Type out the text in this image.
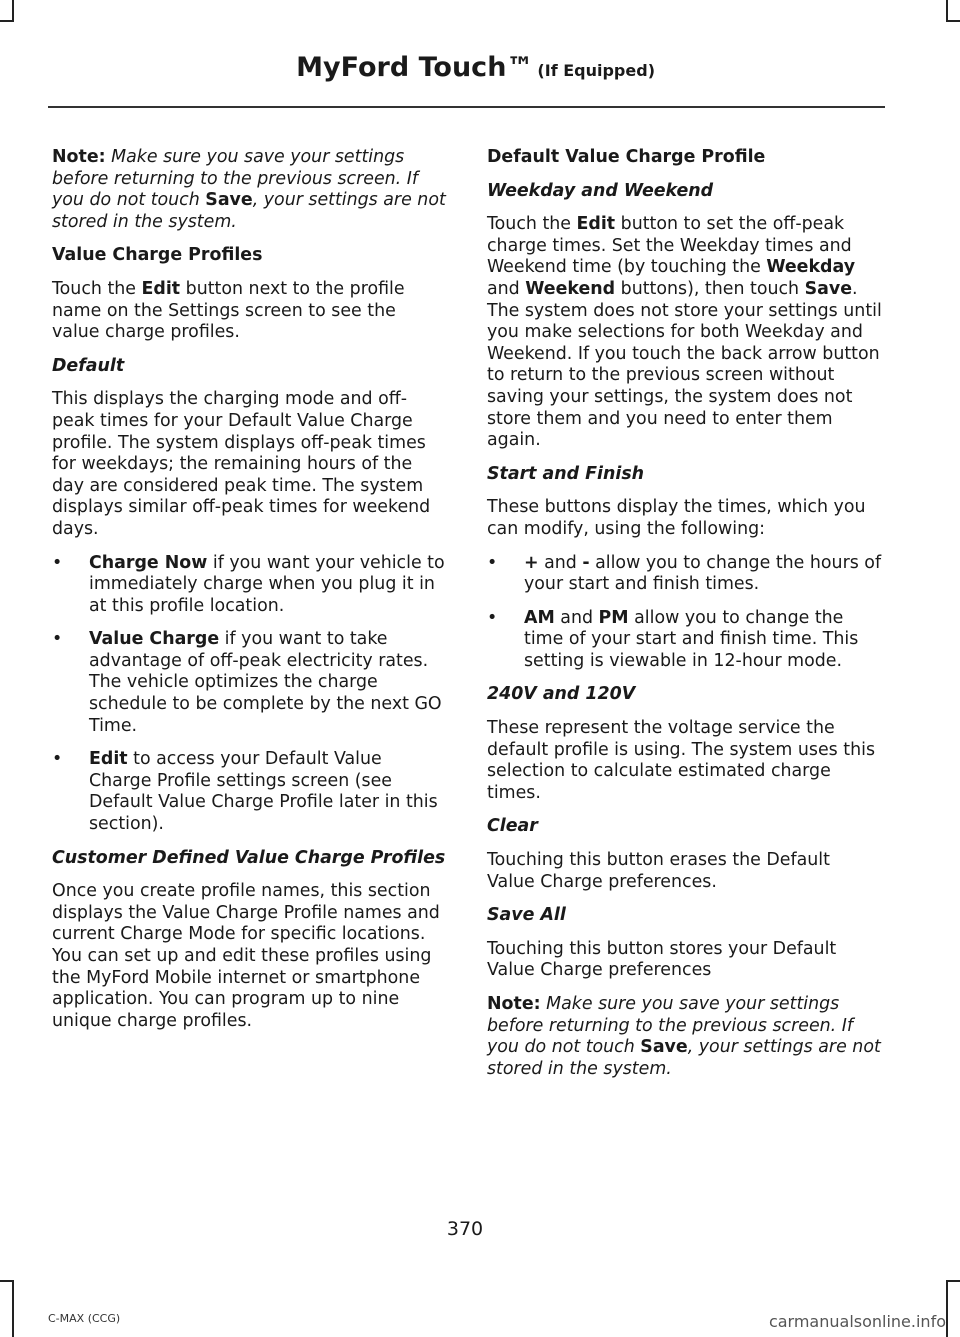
MyFord Touch™ (If Equipped)

Note: Make sure you save your settings before returning to the previous screen. If you do not touch Save, your settings are not stored in the system.

Value Charge Profiles

Touch the Edit button next to the profile name on the Settings screen to see the value charge profiles.

Default

This displays the charging mode and off-peak times for your Default Value Charge profile. The system displays off-peak times for weekdays; the remaining hours of the day are considered peak time. The system displays similar off-peak times for weekend days.

•	Charge Now if you want your vehicle to immediately charge when you plug it in at this profile location.
•	Value Charge if you want to take advantage of off-peak electricity rates. The vehicle optimizes the charge schedule to be complete by the next GO Time.
•	Edit to access your Default Value Charge Profile settings screen (see Default Value Charge Profile later in this section).

Customer Defined Value Charge Profiles

Once you create profile names, this section displays the Value Charge Profile names and current Charge Mode for specific locations. You can set up and edit these profiles using the MyFord Mobile internet or smartphone application. You can program up to nine unique charge profiles.

Default Value Charge Profile

Weekday and Weekend

Touch the Edit button to set the off-peak charge times. Set the Weekday times and Weekend time (by touching the Weekday and Weekend buttons), then touch Save. The system does not store your settings until you make selections for both Weekday and Weekend. If you touch the back arrow button to return to the previous screen without saving your settings, the system does not store them and you need to enter them again.

Start and Finish

These buttons display the times, which you can modify, using the following:

•	+ and - allow you to change the hours of your start and finish times.
•	AM and PM allow you to change the time of your start and finish time. This setting is viewable in 12-hour mode.

240V and 120V

These represent the voltage service the default profile is using. The system uses this selection to calculate estimated charge times.

Clear

Touching this button erases the Default Value Charge preferences.

Save All

Touching this button stores your Default Value Charge preferences

Note: Make sure you save your settings before returning to the previous screen. If you do not touch Save, your settings are not stored in the system.

370
C-MAX (CCG)	carmanualsonline.info
